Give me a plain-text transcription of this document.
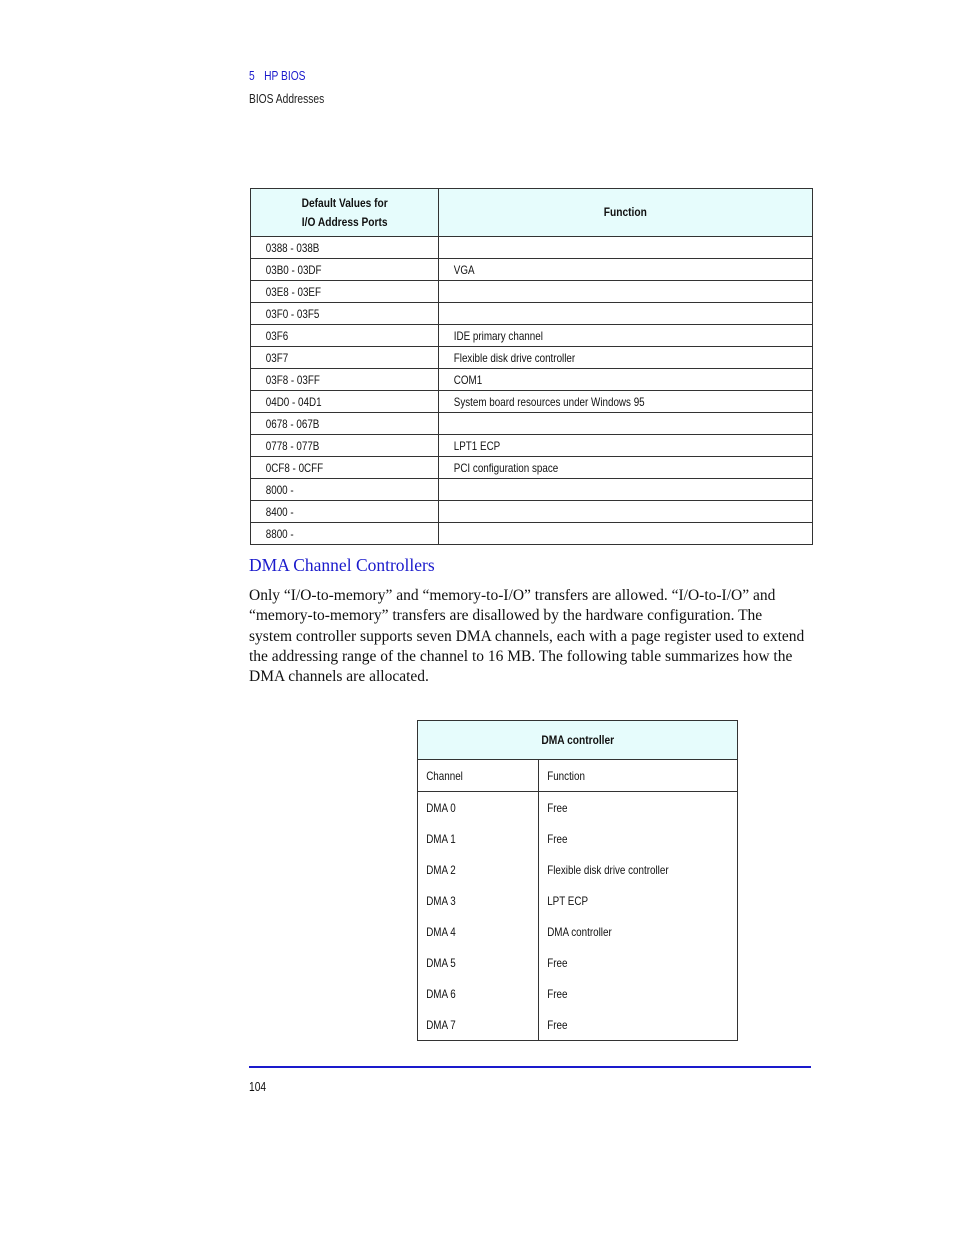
5 HP BIOS
BIOS Addresses
Default Values for
I/O Address Ports	Function
0388 - 038B	
03B0 - 03DF	VGA
03E8 - 03EF	
03F0 - 03F5	
03F6	IDE primary channel
03F7	Flexible disk drive controller
03F8 - 03FF	COM1
04D0 - 04D1	System board resources under Windows 95
0678 - 067B	
0778 - 077B	LPT1 ECP
0CF8 - 0CFF	PCI configuration space
8000 -	
8400 -	
8800 -	
DMA Channel Controllers

Only “I/O-to-memory” and “memory-to-I/O” transfers are allowed. “I/O-to-I/O” and “memory-to-memory” transfers are disallowed by the hardware configuration. The system controller supports seven DMA channels, each with a page register used to extend the addressing range of the channel to 16 MB. The following table summarizes how the DMA channels are allocated.

DMA controller	
Channel	Function
DMA 0	Free
DMA 1	Free
DMA 2	Flexible disk drive controller
DMA 3	LPT ECP
DMA 4	DMA controller
DMA 5	Free
DMA 6	Free
DMA 7	Free
104
